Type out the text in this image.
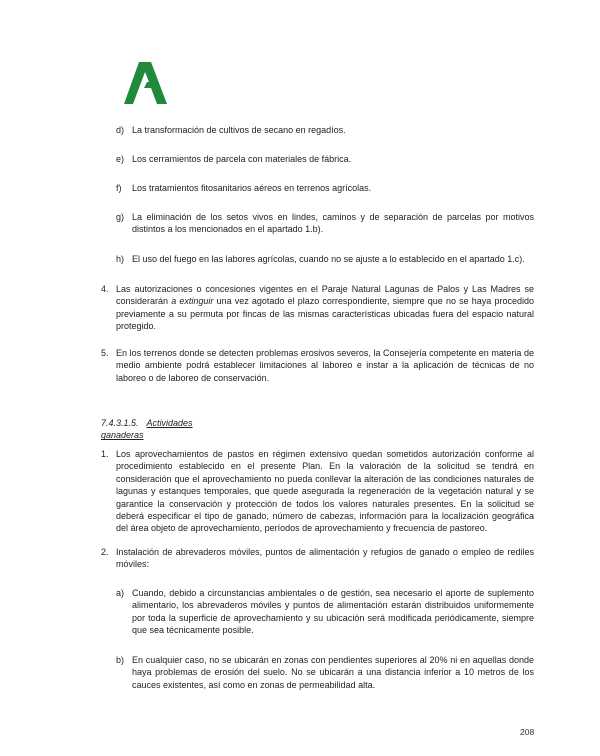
d) La transformación de cultivos de secano en regadíos.
e) Los cerramientos de parcela con materiales de fábrica.
f) Los tratamientos fitosanitarios aéreos en terrenos agrícolas.
g) La eliminación de los setos vivos en lindes, caminos y de separación de parcelas por motivos distintos a los mencionados en el apartado 1.b).
h) El uso del fuego en las labores agrícolas, cuando no se ajuste a lo establecido en el apartado 1.c).
4. Las autorizaciones o concesiones vigentes en el Paraje Natural Lagunas de Palos y Las Madres se considerarán a extinguir una vez agotado el plazo correspondiente, siempre que no se haya procedido previamente a su permuta por fincas de las mismas características ubicadas fuera del espacio natural protegido.
5. En los terrenos donde se detecten problemas erosivos severos, la Consejería competente en materia de medio ambiente podrá establecer limitaciones al laboreo e instar a la aplicación de técnicas de no laboreo o de laboreo de conservación.
7.4.3.1.5. Actividades ganaderas
1. Los aprovechamientos de pastos en régimen extensivo quedan sometidos autorización conforme al procedimiento establecido en el presente Plan. En la valoración de la solicitud se tendrá en consideración que el aprovechamiento no pueda conllevar la alteración de las condiciones naturales de lagunas y estanques temporales, que quede asegurada la regeneración de la vegetación natural y se garantice la conservación y protección de todos los valores naturales presentes. En la solicitud se deberá especificar el tipo de ganado, número de cabezas, información para la localización geográfica del área objeto de aprovechamiento, períodos de aprovechamiento y frecuencia de pastoreo.
2. Instalación de abrevaderos móviles, puntos de alimentación y refugios de ganado o empleo de rediles móviles:
a) Cuando, debido a circunstancias ambientales o de gestión, sea necesario el aporte de suplemento alimentario, los abrevaderos móviles y puntos de alimentación estarán distribuidos uniformemente por toda la superficie de aprovechamiento y su ubicación será modificada periódicamente, siempre que sea técnicamente posible.
b) En cualquier caso, no se ubicarán en zonas con pendientes superiores al 20% ni en aquellas donde haya problemas de erosión del suelo. No se ubicarán a una distancia inferior a 10 metros de los cauces existentes, así como en zonas de permeabilidad alta.
208
